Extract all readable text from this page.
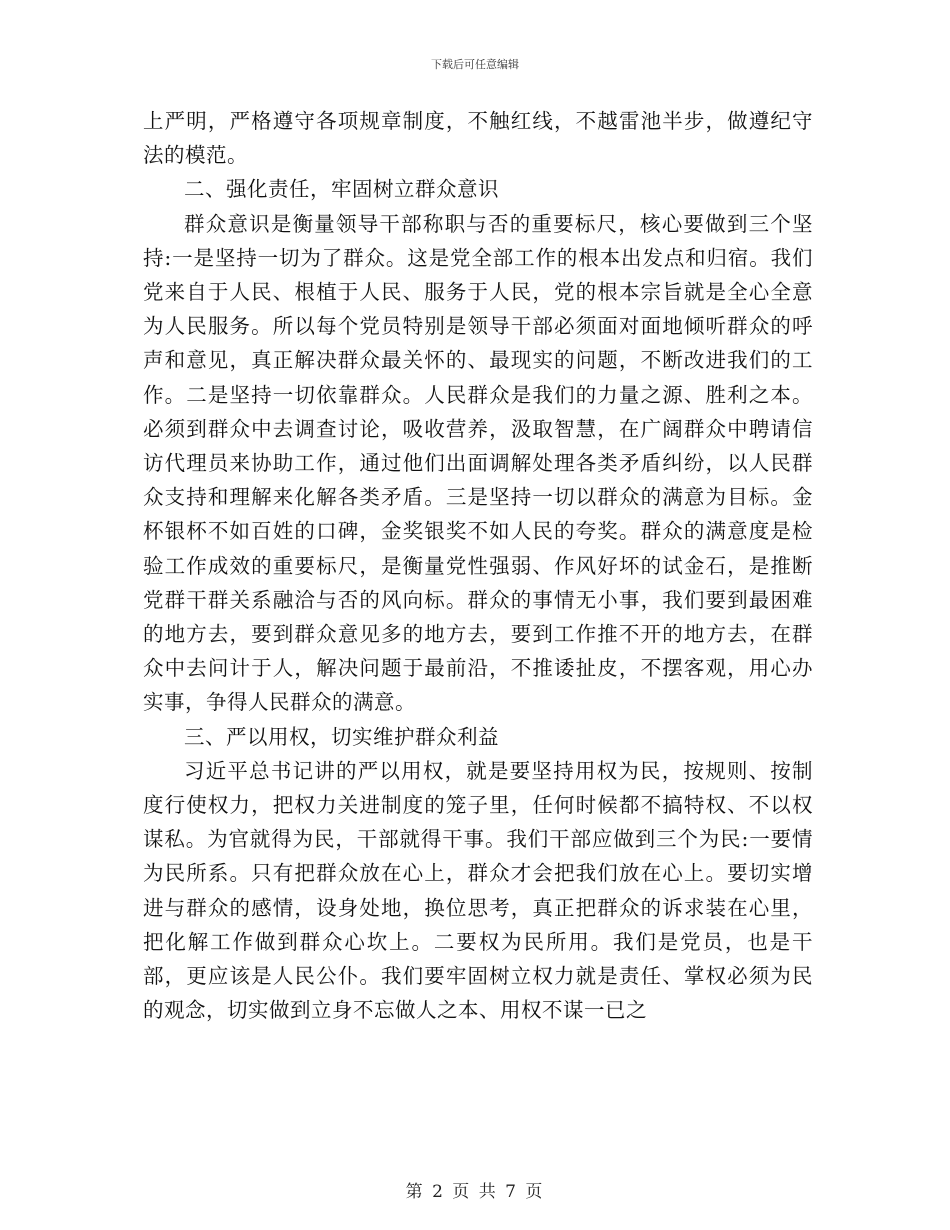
下载后可任意编辑

上严明，严格遵守各项规章制度，不触红线，不越雷池半步，做遵纪守法的模范。

二、强化责任，牢固树立群众意识

群众意识是衡量领导干部称职与否的重要标尺，核心要做到三个坚持:一是坚持一切为了群众。这是党全部工作的根本出发点和归宿。我们党来自于人民、根植于人民、服务于人民，党的根本宗旨就是全心全意为人民服务。所以每个党员特别是领导干部必须面对面地倾听群众的呼声和意见，真正解决群众最关怀的、最现实的问题，不断改进我们的工作。二是坚持一切依靠群众。人民群众是我们的力量之源、胜利之本。必须到群众中去调查讨论，吸收营养，汲取智慧，在广阔群众中聘请信访代理员来协助工作，通过他们出面调解处理各类矛盾纠纷，以人民群众支持和理解来化解各类矛盾。三是坚持一切以群众的满意为目标。金杯银杯不如百姓的口碑，金奖银奖不如人民的夸奖。群众的满意度是检验工作成效的重要标尺，是衡量党性强弱、作风好坏的试金石，是推断党群干群关系融洽与否的风向标。群众的事情无小事，我们要到最困难的地方去，要到群众意见多的地方去，要到工作推不开的地方去，在群众中去问计于人，解决问题于最前沿，不推诿扯皮，不摆客观，用心办实事，争得人民群众的满意。

三、严以用权，切实维护群众利益

习近平总书记讲的严以用权，就是要坚持用权为民，按规则、按制度行使权力，把权力关进制度的笼子里，任何时候都不搞特权、不以权谋私。为官就得为民，干部就得干事。我们干部应做到三个为民:一要情为民所系。只有把群众放在心上，群众才会把我们放在心上。要切实增进与群众的感情，设身处地，换位思考，真正把群众的诉求装在心里，把化解工作做到群众心坎上。二要权为民所用。我们是党员，也是干部，更应该是人民公仆。我们要牢固树立权力就是责任、掌权必须为民的观念，切实做到立身不忘做人之本、用权不谋一已之

第 2 页 共 7 页
